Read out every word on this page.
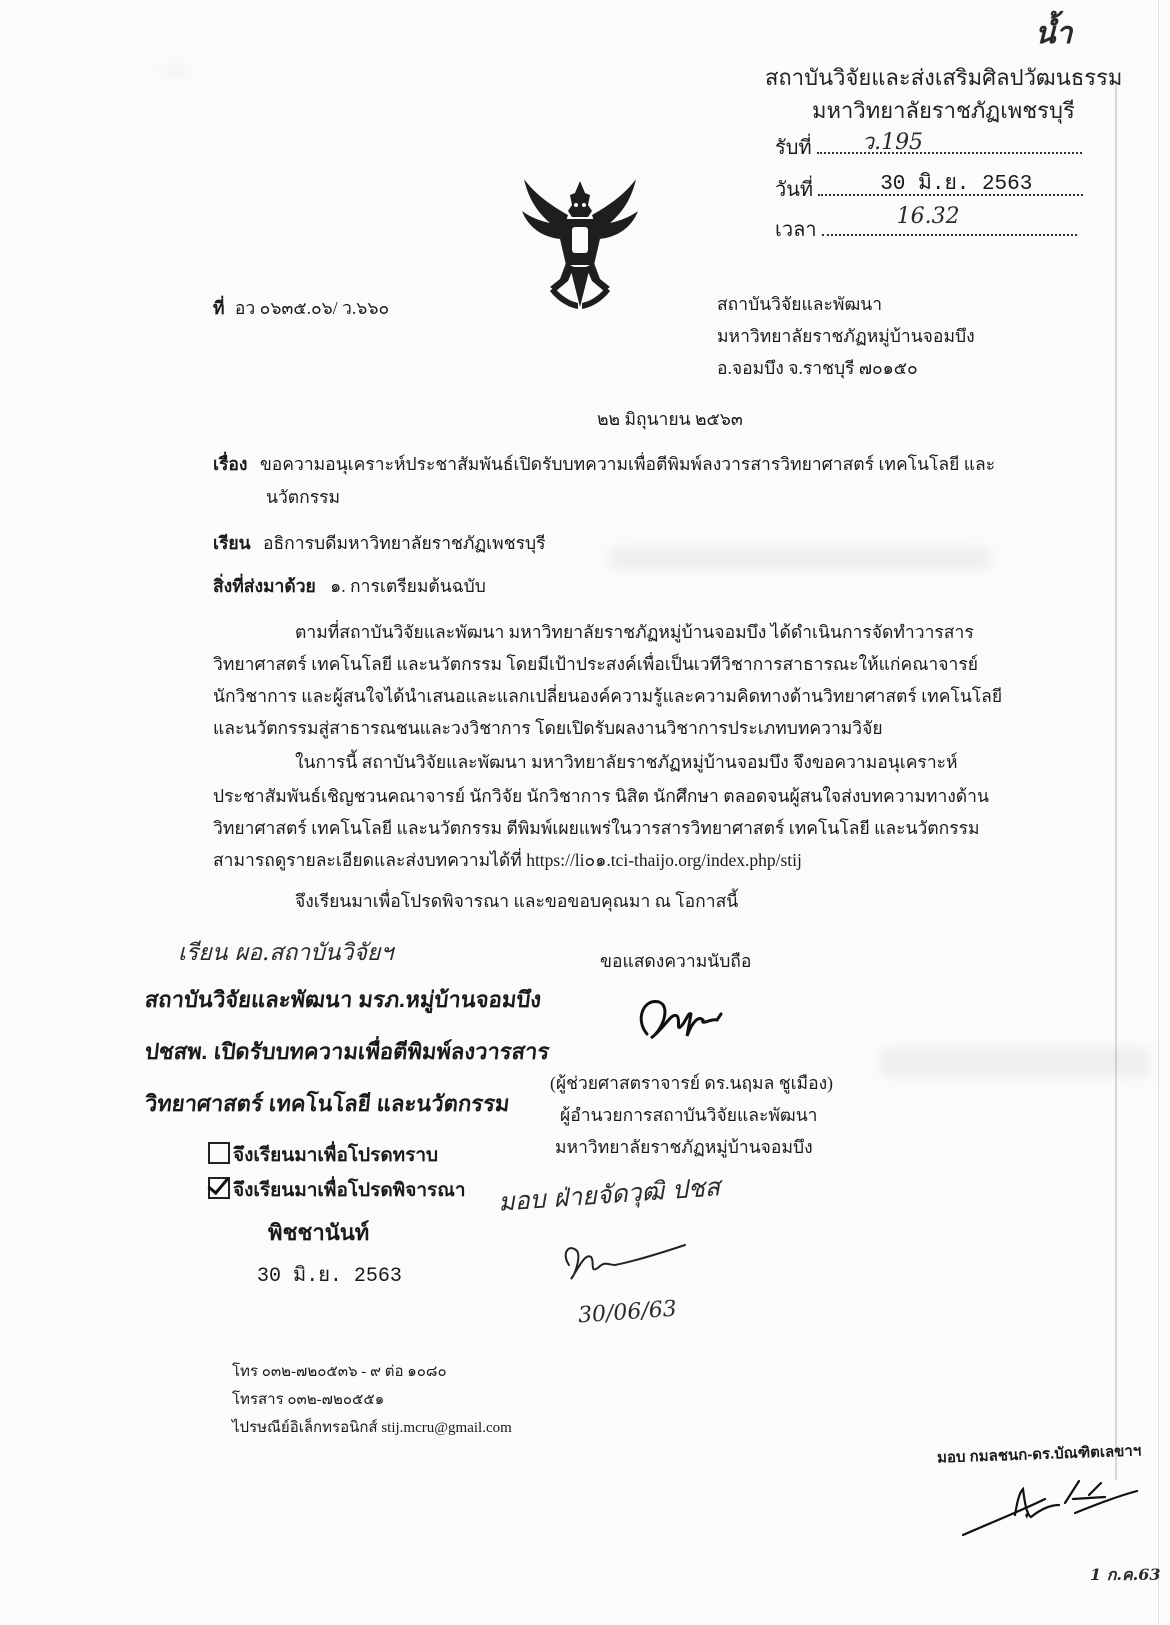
น้ำ
สถาบันวิจัยและส่งเสริมศิลปวัฒนธรรม
มหาวิทยาลัยราชภัฏเพชรบุรี
รับที่ ว.195
วันที่	30 มิ.ย. 2563
เวลา
16.32
ที่ อว ๐๖๓๕.๐๖/ ว.๖๖๐	สถาบันวิจัยและพัฒนา
มหาวิทยาลัยราชภัฏหมู่บ้านจอมบึง
อ.จอมบึง จ.ราชบุรี ๗๐๑๕๐
๒๒ มิถุนายน ๒๕๖๓
เรื่อง ขอความอนุเคราะห์ประชาสัมพันธ์เปิดรับบทความเพื่อตีพิมพ์ลงวารสารวิทยาศาสตร์ เทคโนโลยี และ
นวัตกรรม
เรียน อธิการบดีมหาวิทยาลัยราชภัฏเพชรบุรี
สิ่งที่ส่งมาด้วย ๑. การเตรียมต้นฉบับ
ตามที่สถาบันวิจัยและพัฒนา มหาวิทยาลัยราชภัฏหมู่บ้านจอมบึง ได้ดำเนินการจัดทำวารสาร
วิทยาศาสตร์ เทคโนโลยี และนวัตกรรม โดยมีเป้าประสงค์เพื่อเป็นเวทีวิชาการสาธารณะให้แก่คณาจารย์
นักวิชาการ และผู้สนใจได้นำเสนอและแลกเปลี่ยนองค์ความรู้และความคิดทางด้านวิทยาศาสตร์ เทคโนโลยี
และนวัตกรรมสู่สาธารณชนและวงวิชาการ โดยเปิดรับผลงานวิชาการประเภทบทความวิจัย
ในการนี้ สถาบันวิจัยและพัฒนา มหาวิทยาลัยราชภัฏหมู่บ้านจอมบึง จึงขอความอนุเคราะห์
ประชาสัมพันธ์เชิญชวนคณาจารย์ นักวิจัย นักวิชาการ นิสิต นักศึกษา ตลอดจนผู้สนใจส่งบทความทางด้าน
วิทยาศาสตร์ เทคโนโลยี และนวัตกรรม ตีพิมพ์เผยแพร่ในวารสารวิทยาศาสตร์ เทคโนโลยี และนวัตกรรม
สามารถดูรายละเอียดและส่งบทความได้ที่ https://li๐๑.tci-thaijo.org/index.php/stij
จึงเรียนมาเพื่อโปรดพิจารณา และขอขอบคุณมา ณ โอกาสนี้
ขอแสดงความนับถือ
(ผู้ช่วยศาสตราจารย์ ดร.นฤมล ชูเมือง)
ผู้อำนวยการสถาบันวิจัยและพัฒนา
มหาวิทยาลัยราชภัฏหมู่บ้านจอมบึง
เรียน ผอ.สถาบันวิจัยฯ
สถาบันวิจัยและพัฒนา มรภ.หมู่บ้านจอมบึง
ปชสพ. เปิดรับบทความเพื่อตีพิมพ์ลงวารสาร
วิทยาศาสตร์ เทคโนโลยี และนวัตกรรม
จึงเรียนมาเพื่อโปรดทราบ
จึงเรียนมาเพื่อโปรดพิจารณา
พิชชานันท์
30 มิ.ย. 2563
มอบ ฝ่ายจัดวุฒิ ปชส
30/06/63
โทร ๐๓๒-๗๒๐๕๓๖ - ๙ ต่อ ๑๐๘๐
โทรสาร ๐๓๒-๗๒๐๕๕๑
ไปรษณีย์อิเล็กทรอนิกส์ stij.mcru@gmail.com
มอบ กมลชนก-ดร.บัณฑิตเลขาฯ
1 ก.ค.63
